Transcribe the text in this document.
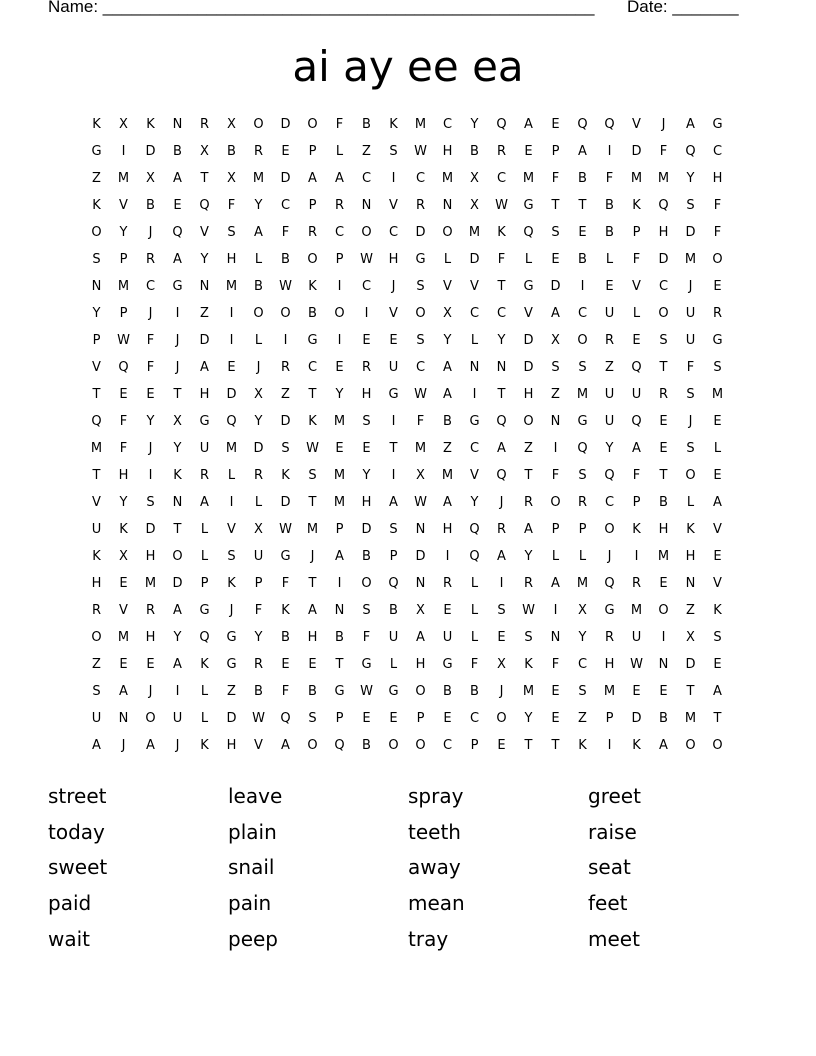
Name: ____________________________________________________ Date: _______
ai ay ee ea
K	X	K	N	R	X	O	D	O	F	B	K	M	C	Y	Q	A	E	Q	Q	V	J	A	G
G	I	D	B	X	B	R	E	P	L	Z	S	W	H	B	R	E	P	A	I	D	F	Q	C
Z	M	X	A	T	X	M	D	A	A	C	I	C	M	X	C	M	F	B	F	M	M	Y	H
K	V	B	E	Q	F	Y	C	P	R	N	V	R	N	X	W	G	T	T	B	K	Q	S	F
O	Y	J	Q	V	S	A	F	R	C	O	C	D	O	M	K	Q	S	E	B	P	H	D	F
S	P	R	A	Y	H	L	B	O	P	W	H	G	L	D	F	L	E	B	L	F	D	M	O
N	M	C	G	N	M	B	W	K	I	C	J	S	V	V	T	G	D	I	E	V	C	J	E
Y	P	J	I	Z	I	O	O	B	O	I	V	O	X	C	C	V	A	C	U	L	O	U	R
P	W	F	J	D	I	L	I	G	I	E	E	S	Y	L	Y	D	X	O	R	E	S	U	G
V	Q	F	J	A	E	J	R	C	E	R	U	C	A	N	N	D	S	S	Z	Q	T	F	S
T	E	E	T	H	D	X	Z	T	Y	H	G	W	A	I	T	H	Z	M	U	U	R	S	M
Q	F	Y	X	G	Q	Y	D	K	M	S	I	F	B	G	Q	O	N	G	U	Q	E	J	E
M	F	J	Y	U	M	D	S	W	E	E	T	M	Z	C	A	Z	I	Q	Y	A	E	S	L
T	H	I	K	R	L	R	K	S	M	Y	I	X	M	V	Q	T	F	S	Q	F	T	O	E
V	Y	S	N	A	I	L	D	T	M	H	A	W	A	Y	J	R	O	R	C	P	B	L	A
U	K	D	T	L	V	X	W	M	P	D	S	N	H	Q	R	A	P	P	O	K	H	K	V
K	X	H	O	L	S	U	G	J	A	B	P	D	I	Q	A	Y	L	L	J	I	M	H	E
H	E	M	D	P	K	P	F	T	I	O	Q	N	R	L	I	R	A	M	Q	R	E	N	V
R	V	R	A	G	J	F	K	A	N	S	B	X	E	L	S	W	I	X	G	M	O	Z	K
O	M	H	Y	Q	G	Y	B	H	B	F	U	A	U	L	E	S	N	Y	R	U	I	X	S
Z	E	E	A	K	G	R	E	E	T	G	L	H	G	F	X	K	F	C	H	W	N	D	E
S	A	J	I	L	Z	B	F	B	G	W	G	O	B	B	J	M	E	S	M	E	E	T	A
U	N	O	U	L	D	W	Q	S	P	E	E	P	E	C	O	Y	E	Z	P	D	B	M	T
A	J	A	J	K	H	V	A	O	Q	B	O	O	C	P	E	T	T	K	I	K	A	O	O
street	leave	spray	greet
today	plain	teeth	raise
sweet	snail	away	seat
paid	pain	mean	feet
wait	peep	tray	meet
